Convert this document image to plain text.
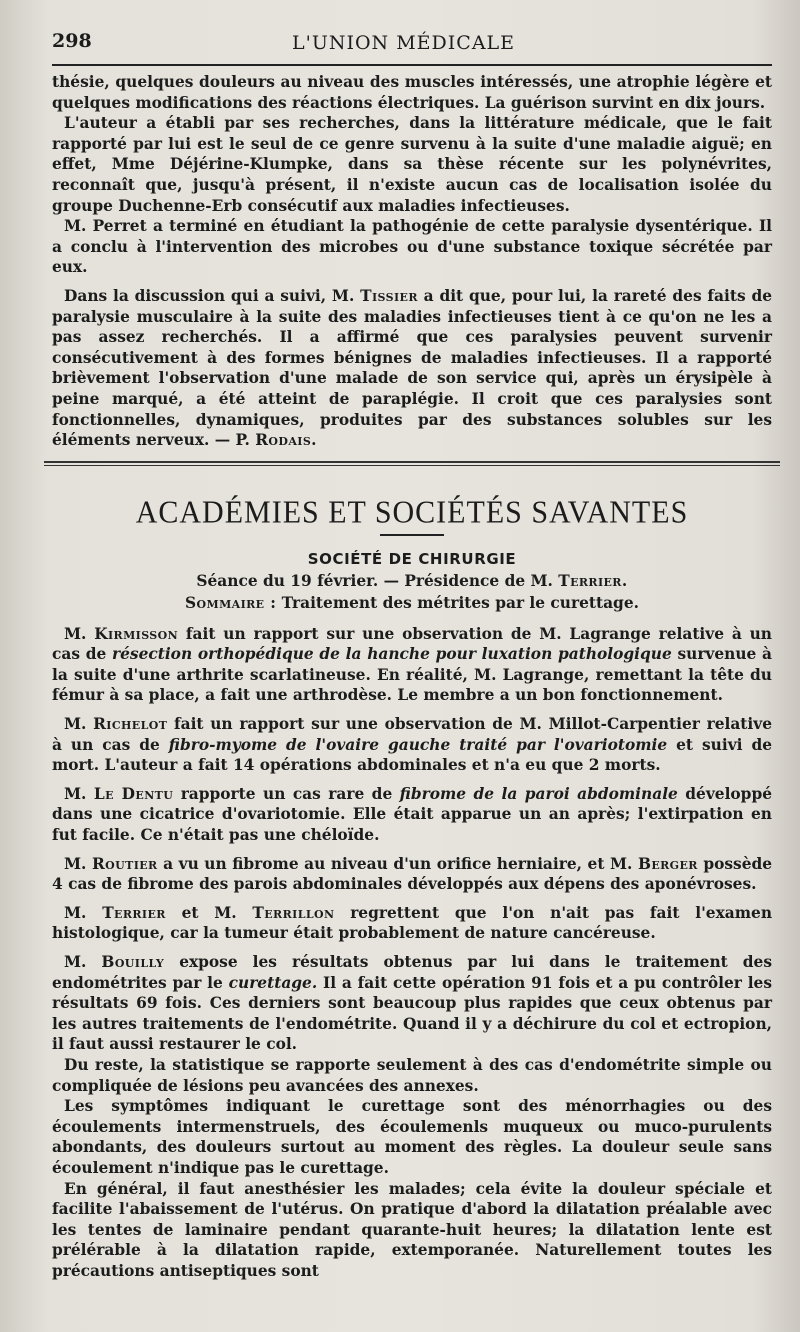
298	L'UNION MÉDICALE

thésie, quelques douleurs au niveau des muscles intéressés, une atrophie légère et quelques modifications des réactions électriques. La guérison survint en dix jours.

L'auteur a établi par ses recherches, dans la littérature médicale, que le fait rapporté par lui est le seul de ce genre survenu à la suite d'une maladie aiguë; en effet, Mme Déjérine-Klumpke, dans sa thèse récente sur les polynévrites, reconnaît que, jusqu'à présent, il n'existe aucun cas de localisation isolée du groupe Duchenne-Erb consécutif aux maladies infectieuses.

M. Perret a terminé en étudiant la pathogénie de cette paralysie dysentérique. Il a conclu à l'intervention des microbes ou d'une substance toxique sécrétée par eux.

Dans la discussion qui a suivi, M. Tissier a dit que, pour lui, la rareté des faits de paralysie musculaire à la suite des maladies infectieuses tient à ce qu'on ne les a pas assez recherchés. Il a affirmé que ces paralysies peuvent survenir consécutivement à des formes bénignes de maladies infectieuses. Il a rapporté brièvement l'observation d'une malade de son service qui, après un érysipèle à peine marqué, a été atteint de paraplégie. Il croit que ces paralysies sont fonctionnelles, dynamiques, produites par des substances solubles sur les éléments nerveux. — P. Rodais.

ACADÉMIES ET SOCIÉTÉS SAVANTES
SOCIÉTÉ DE CHIRURGIE
Séance du 19 février. — Présidence de M. Terrier.
Sommaire : Traitement des métrites par le curettage.

M. Kirmisson fait un rapport sur une observation de M. Lagrange relative à un cas de résection orthopédique de la hanche pour luxation pathologique survenue à la suite d'une arthrite scarlatineuse. En réalité, M. Lagrange, remettant la tête du fémur à sa place, a fait une arthrodèse. Le membre a un bon fonctionnement.

M. Richelot fait un rapport sur une observation de M. Millot-Carpentier relative à un cas de fibro-myome de l'ovaire gauche traité par l'ovariotomie et suivi de mort. L'auteur a fait 14 opérations abdominales et n'a eu que 2 morts.

M. Le Dentu rapporte un cas rare de fibrome de la paroi abdominale développé dans une cicatrice d'ovariotomie. Elle était apparue un an après; l'extirpation en fut facile. Ce n'était pas une chéloïde.

M. Routier a vu un fibrome au niveau d'un orifice herniaire, et M. Berger possède 4 cas de fibrome des parois abdominales développés aux dépens des aponévroses.

M. Terrier et M. Terrillon regrettent que l'on n'ait pas fait l'examen histologique, car la tumeur était probablement de nature cancéreuse.

M. Bouilly expose les résultats obtenus par lui dans le traitement des endométrites par le curettage. Il a fait cette opération 91 fois et a pu contrôler les résultats 69 fois. Ces derniers sont beaucoup plus rapides que ceux obtenus par les autres traitements de l'endométrite. Quand il y a déchirure du col et ectropion, il faut aussi restaurer le col.

Du reste, la statistique se rapporte seulement à des cas d'endométrite simple ou compliquée de lésions peu avancées des annexes.

Les symptômes indiquant le curettage sont des ménorrhagies ou des écoulements intermenstruels, des écoulemenls muqueux ou muco-purulents abondants, des douleurs surtout au moment des règles. La douleur seule sans écoulement n'indique pas le curettage.

En général, il faut anesthésier les malades; cela évite la douleur spéciale et facilite l'abaissement de l'utérus. On pratique d'abord la dilatation préalable avec les tentes de laminaire pendant quarante-huit heures; la dilatation lente est prélérable à la dilatation rapide, extemporanée. Naturellement toutes les précautions antiseptiques sont
